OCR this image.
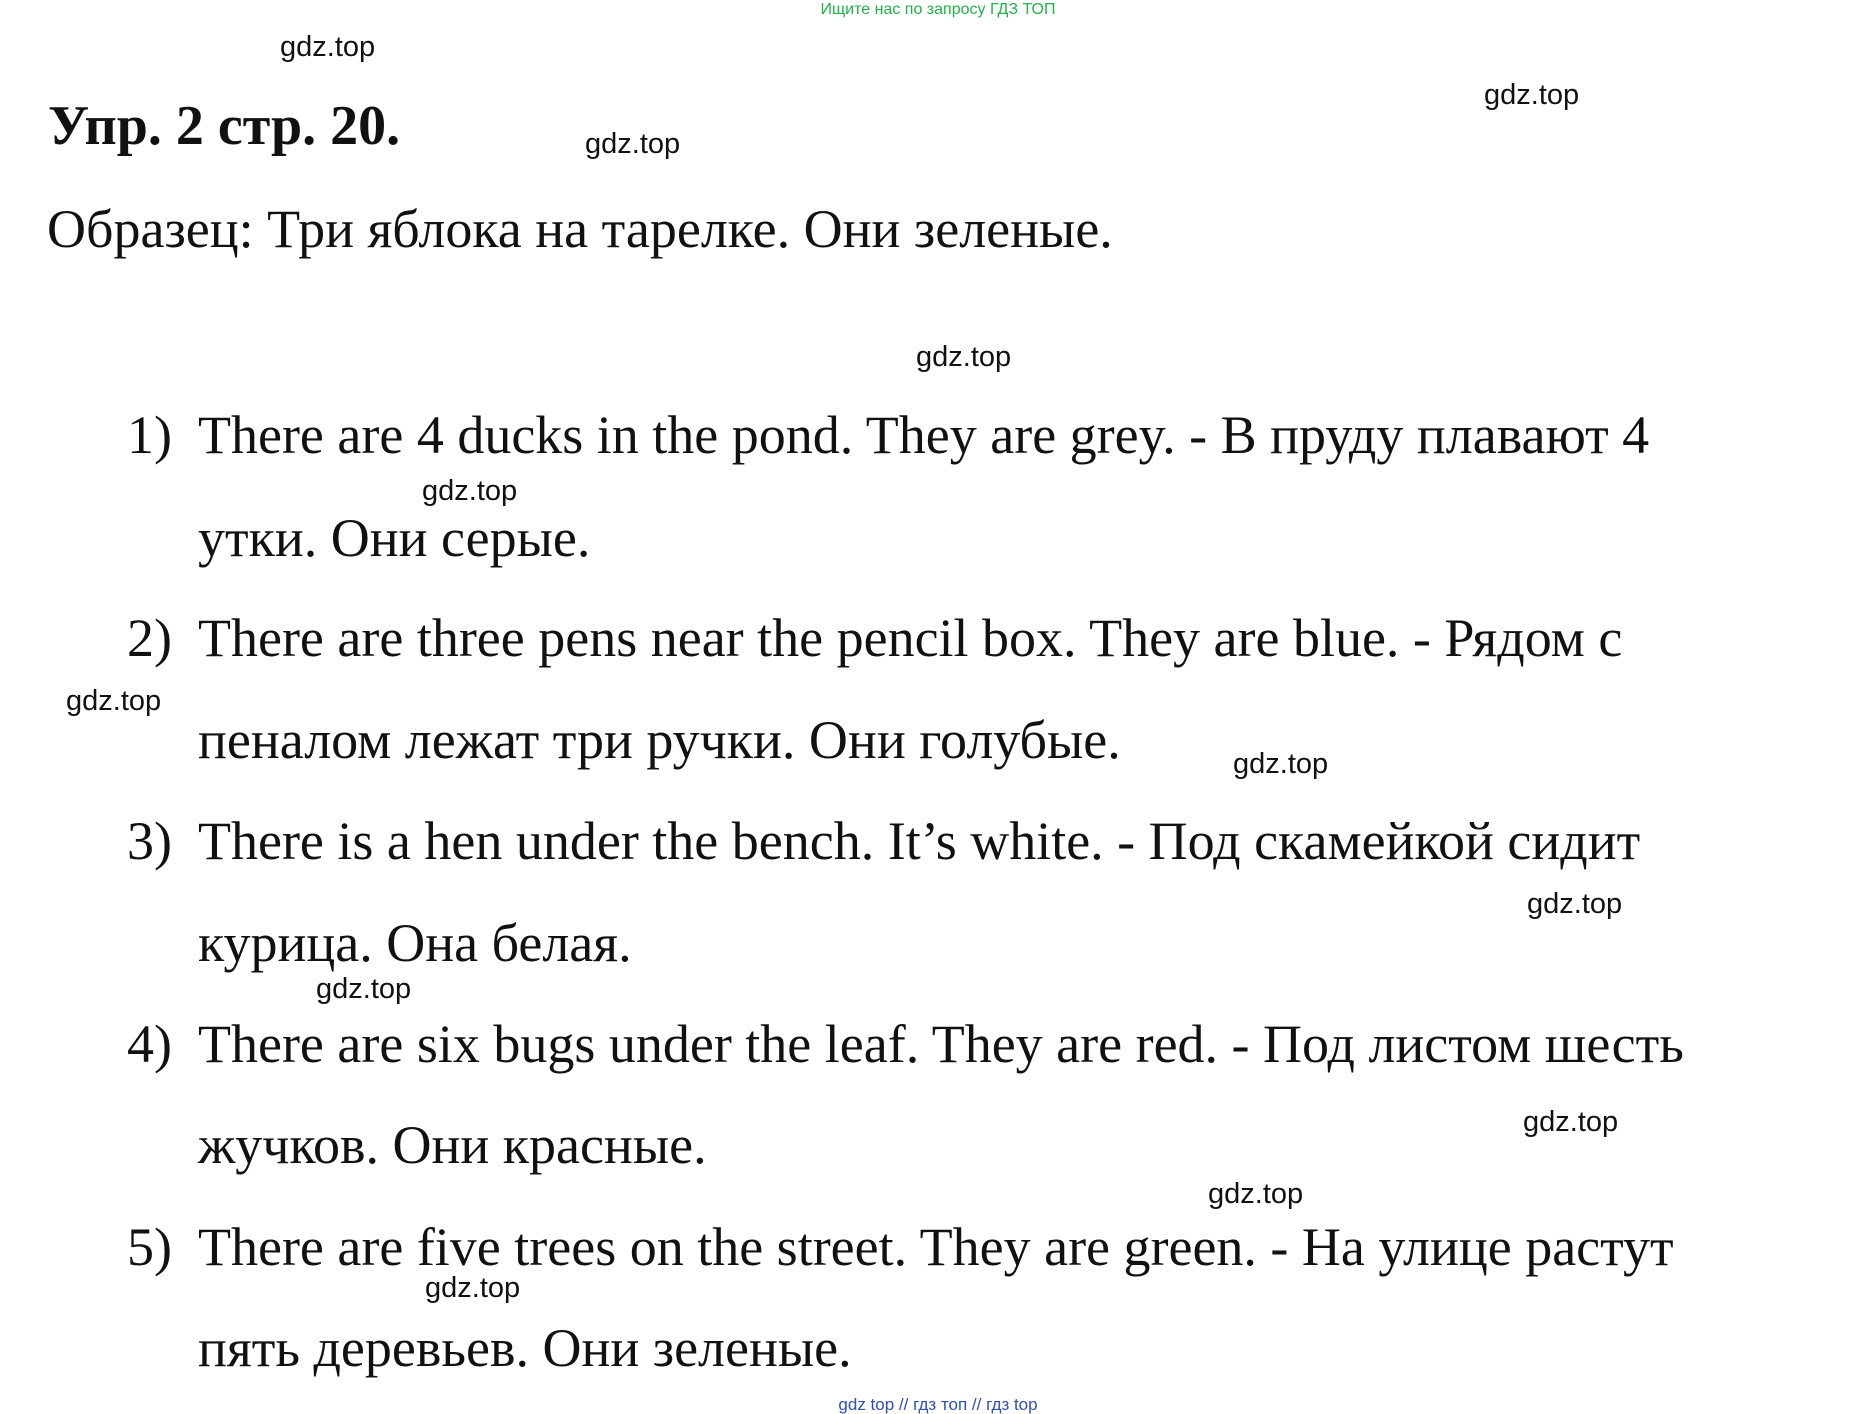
Ищите нас по запросу ГДЗ ТОП
Упр. 2 стр. 20.
Образец: Три яблока на тарелке. Они зеленые.
1) There are 4 ducks in the pond. They are grey. - В пруду плавают 4
утки. Они серые.
2) There are three pens near the pencil box. They are blue. - Рядом с
пеналом лежат три ручки. Они голубые.
3) There is a hen under the bench. It’s white. - Под скамейкой сидит
курица. Она белая.
4) There are six bugs under the leaf. They are red. - Под листом шесть
жучков. Они красные.
5) There are five trees on the street. They are green. - На улице растут
пять деревьев. Они зеленые.
gdz.top
gdz.top
gdz.top
gdz.top
gdz.top
gdz.top
gdz.top
gdz.top
gdz.top
gdz.top
gdz.top
gdz.top
gdz top // гдз топ // гдз top
